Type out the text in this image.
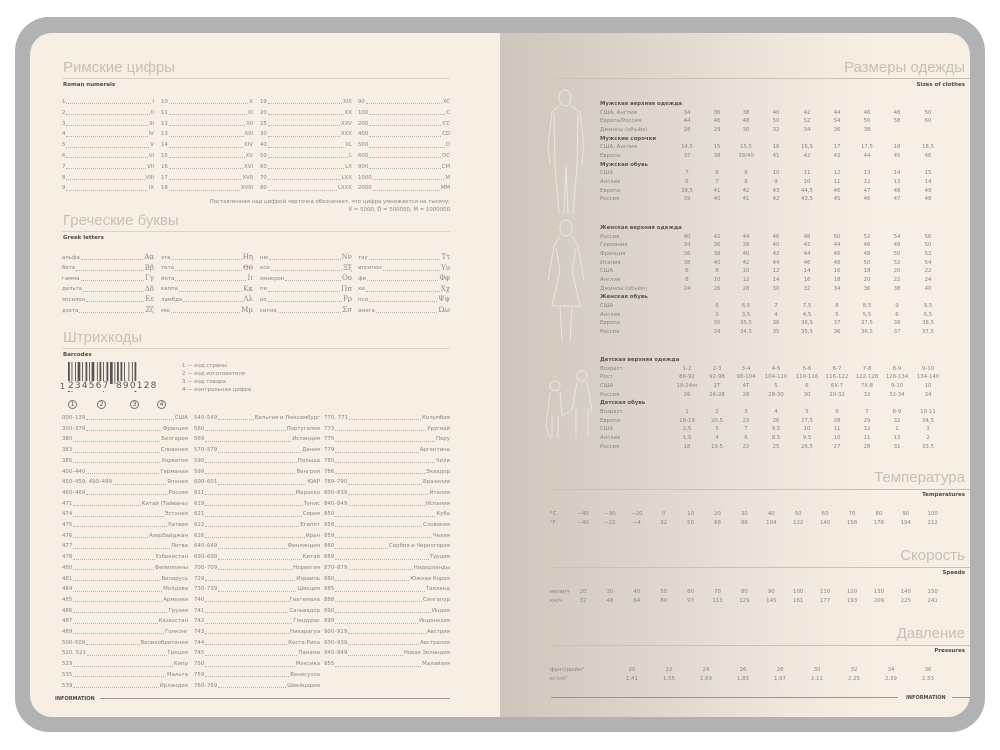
Римские цифры
Roman numerals
Поставленная над цифрой черточка обозначает, что цифра умножается на тысячу:
V̄ = 5000, D̄ = 500000, M̄ = 1000000
Греческие буквы
Greek letters
Штрихкоды
Barcodes
1 234567 890128
1	2	3	4
1 — код страны
2 — код изготовителя
3 — код товара
4 — контрольная цифра
INFORMATION
Размеры одежды
Sizes of clothes
Температура
Temperatures
Скорость
Speeds
Давление
Pressures
INFORMATION
1	I
2	II
3	III
4	IV
5	V
6	VI
7	VII
8	VIII
9	IX
10	X
11	XI
12	XII
13	XIII
14	XIV
15	XV
16	XVI
17	XVII
18	XVIII
19	XIX
20	XX
25	XXV
30	XXX
40	XL
50	L
60	LX
70	LXX
80	LXXX
90	XC
100	C
200	CC
400	CD
500	D
600	DC
900	CM
1000	M
2000	MM
альфа	Αα
бета	Ββ
гамма	Γγ
дельта	Δδ
эпсилон	Εε
дзета	Ζζ
эта	Ηη
тета	Θθ
йота	Ιι
каппа	Κκ
ламбда	Λλ
мю	Μμ
ню	Νν
кси	Ξξ
омикрон	Οο
пи	Ππ
ро	Ρρ
сигма	Σσ
тау	Ττ
ипсилон	Υυ
фи	Φφ
хи	Χχ
пси	Ψψ
омега	Ωω
000–139	США
300–379	Франция
380	Болгария
383	Словения
385	Хорватия
400–440	Германия
450–459, 490–499	Япония
460–469	Россия
471	Китай (Тайвань)
474	Эстония
475	Латвия
476	Азербайджан
477	Литва
478	Узбекистан
480	Филиппины
481	Беларусь
484	Молдова
485	Армения
486	Грузия
487	Казахстан
489	Гонконг
500–509	Великобритания
520, 521	Греция
529	Кипр
535	Мальта
539	Ирландия
540–549	Бельгия и Люксембург
560	Португалия
569	Исландия
570–579	Дания
590	Польша
599	Венгрия
600–601	ЮАР
611	Марокко
619	Тунис
621	Сирия
622	Египет
626	Иран
640–649	Финляндия
690–699	Китай
700–709	Норвегия
729	Израиль
730–739	Швеция
740	Гватемала
741	Сальвадор
742	Гондурас
743	Никарагуа
744	Коста-Рика
745	Панама
750	Мексика
759	Венесуэла
760–769	Швейцария
770, 771	Колумбия
773	Уругвай
775	Перу
779	Аргентина
780	Чили
786	Эквадор
789–790	Бразилия
800–839	Италия
840–849	Испания
850	Куба
858	Словакия
859	Чехия
860	Сербия и Черногория
869	Турция
870–879	Нидерланды
880	Южная Корея
885	Таиланд
888	Сингапур
890	Индия
899	Индонезия
900–919	Австрия
930–939	Австралия
940–949	Новая Зеландия
955	Малайзия
Мужская верхняя одежда
США, Англия	34	36	38	40	42	44	46	48	50
Европа/Россия	44	46	48	50	52	54	56	58	60
Джинсы (объём)	28	29	30	32	34	36	38
Мужские сорочки
США, Англия	14,5	15	15,5	16	16,5	17	17,5	18	18,5
Европа	37	38	39/40	41	42	43	44	45	46
Мужская обувь
США	7	8	9	10	11	12	13	14	15
Англия	6	7	8	9	10	11	12	13	14
Европа	39,5	41	42	43	44,5	46	47	48	49
Россия	39	40	41	42	43,5	45	46	47	48
Женская верхняя одежда
Россия	40	42	44	46	48	50	52	54	56
Германия	34	36	38	40	42	44	46	48	50
Франция	36	38	40	42	44	46	48	50	52
Италия	38	40	42	44	46	48	50	52	54
США	6	8	10	12	14	16	18	20	22
Англия	8	10	12	14	16	18	20	22	24
Джинсы (объём)	24	26	28	30	32	34	36	38	40
Женская обувь
США	6	6,5	7	7,5	8	8,5	9	9,5
Англия	3	3,5	4	4,5	5	5,5	6	6,5
Европа	35	35,5	36	36,5	37	37,5	38	38,5
Россия	34	34,5	35	35,5	36	36,5	37	37,5
Детская верхняя одежда
Возраст	1-2	2-3	3-4	4-5	5-6	6-7	7-8	8-9	9-10
Рост	86-92	92-98	98-104	104-110	110-116	116-122	122-128	128-134	134-140
США	18-24m	2T	4T	5	6	6X-7	7X-8	9-10	10
Россия	26	26-28	28	28-30	30	30-32	32	32-34	34
Детская обувь
Возраст	1	2	3	4	5	6	7	8-9	10-11
Европа	18-19	20,5	23	26	27,5	28	29	32	34,5
США	2,5	5	7	9,5	10	11	12	1	3
Англия	1,5	4	6	8.5	9.5	10	11	13	2
Россия	18	19,5	22	25	26,5	27	28	31	33,5
°C	−40	−30	−20	0	10	20	30	40	50	60	70	80	90	100
°F	−40	−22	−4	32	50	68	86	104	122	140	158	176	194	212
мили/ч	20	30	40	50	60	70	80	90	100	110	120	130	140	150
км/ч	32	48	64	80	97	113	129	145	161	177	193	209	225	241
фунт/дюйм²	20	22	24	26	28	30	32	34	36
кг/см²	1,41	1,55	1,69	1,83	1,97	2,11	2,25	2,39	2,53
